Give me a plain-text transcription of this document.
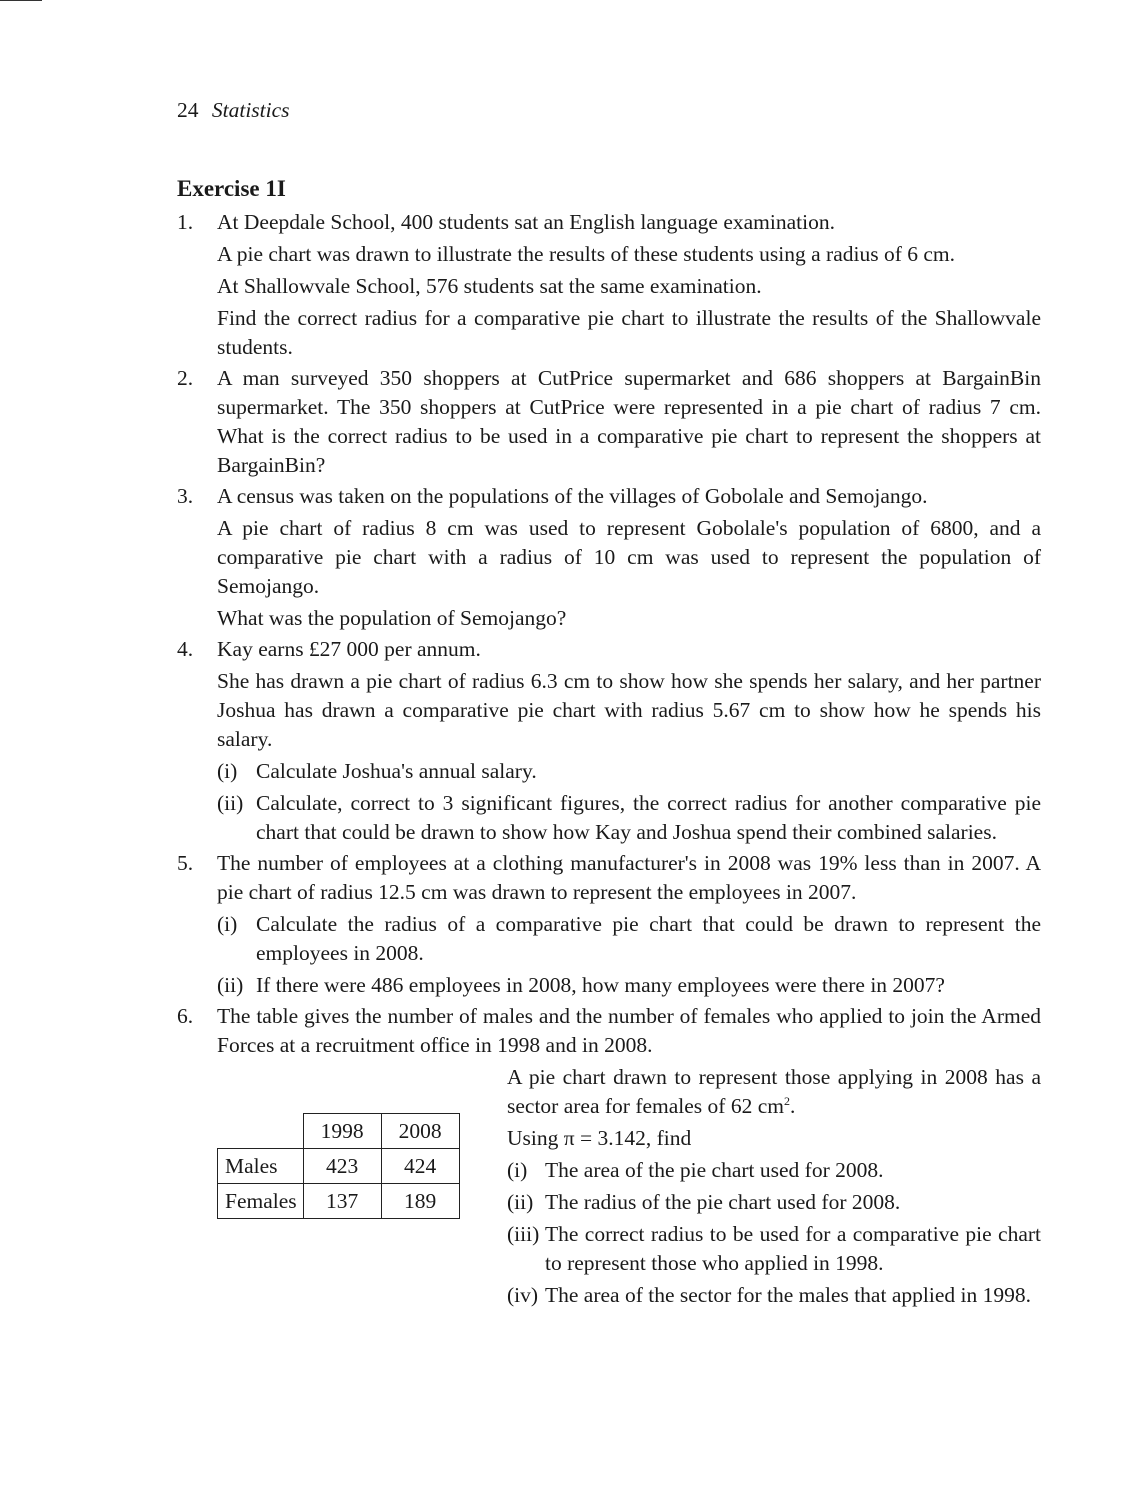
24 Statistics
Exercise 1I
1. At Deepdale School, 400 students sat an English language examination.
A pie chart was drawn to illustrate the results of these students using a radius of 6 cm.
At Shallowvale School, 576 students sat the same examination.
Find the correct radius for a comparative pie chart to illustrate the results of the Shallowvale students.
2. A man surveyed 350 shoppers at CutPrice supermarket and 686 shoppers at BargainBin supermarket. The 350 shoppers at CutPrice were represented in a pie chart of radius 7 cm. What is the correct radius to be used in a comparative pie chart to represent the shoppers at BargainBin?
3. A census was taken on the populations of the villages of Gobolale and Semojango.
A pie chart of radius 8 cm was used to represent Gobolale's population of 6800, and a comparative pie chart with a radius of 10 cm was used to represent the population of Semojango.
What was the population of Semojango?
4. Kay earns £27 000 per annum.
She has drawn a pie chart of radius 6.3 cm to show how she spends her salary, and her partner Joshua has drawn a comparative pie chart with radius 5.67 cm to show how he spends his salary.
(i) Calculate Joshua's annual salary.
(ii) Calculate, correct to 3 significant figures, the correct radius for another comparative pie chart that could be drawn to show how Kay and Joshua spend their combined salaries.
5. The number of employees at a clothing manufacturer's in 2008 was 19% less than in 2007. A pie chart of radius 12.5 cm was drawn to represent the employees in 2007.
(i) Calculate the radius of a comparative pie chart that could be drawn to represent the employees in 2008.
(ii) If there were 486 employees in 2008, how many employees were there in 2007?
6. The table gives the number of males and the number of females who applied to join the Armed Forces at a recruitment office in 1998 and in 2008.
	1998	2008
Males	423	424
Females	137	189
A pie chart drawn to represent those applying in 2008 has a sector area for females of 62 $cm^2$.
Using π = 3.142, find
(i) The area of the pie chart used for 2008.
(ii) The radius of the pie chart used for 2008.
(iii) The correct radius to be used for a comparative pie chart to represent those who applied in 1998.
(iv) The area of the sector for the males that applied in 1998.
